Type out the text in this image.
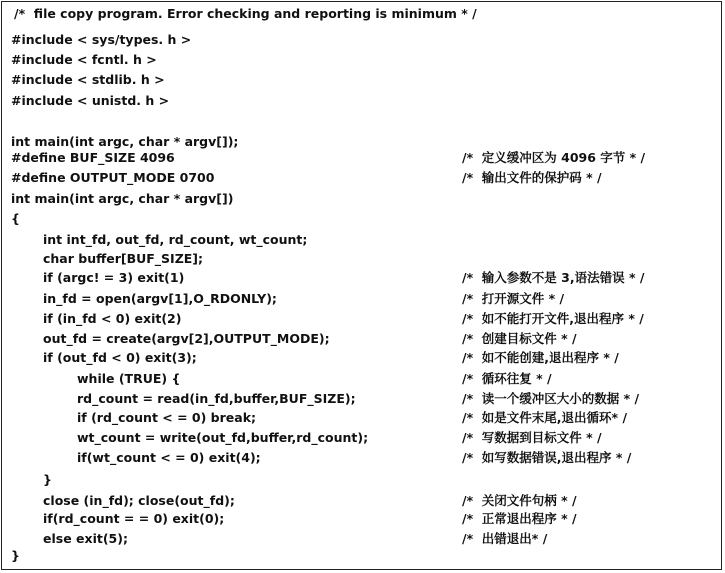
/*  file copy program. Error checking and reporting is minimum * /
#include < sys/types. h >
#include < fcntl. h >
#include < stdlib. h >
#include < unistd. h >
int main(int argc, char * argv[]);
#define BUF_SIZE 4096	/*  定义缓冲区为 4096 字节 * /
#define OUTPUT_MODE 0700	/*  输出文件的保护码 * /
int main(int argc, char * argv[])
{
int int_fd, out_fd, rd_count, wt_count;
char buffer[BUF_SIZE];
if (argc! = 3) exit(1)	/*  输入参数不是 3,语法错误 * /
in_fd = open(argv[1],O_RDONLY);	/*  打开源文件 * /
if (in_fd < 0) exit(2)	/*  如不能打开文件,退出程序 * /
out_fd = create(argv[2],OUTPUT_MODE);	/*  创建目标文件 * /
if (out_fd < 0) exit(3);	/*  如不能创建,退出程序 * /
while (TRUE) {	/*  循环往复 * /
rd_count = read(in_fd,buffer,BUF_SIZE);	/*  读一个缓冲区大小的数据 * /
if (rd_count < = 0) break;	/*  如是文件末尾,退出循环* /
wt_count = write(out_fd,buffer,rd_count);	/*  写数据到目标文件 * /
if(wt_count < = 0) exit(4);	/*  如写数据错误,退出程序 * /
}
close (in_fd); close(out_fd);	/*  关闭文件句柄 * /
if(rd_count = = 0) exit(0);	/*  正常退出程序 * /
else exit(5);	/*  出错退出* /
}
